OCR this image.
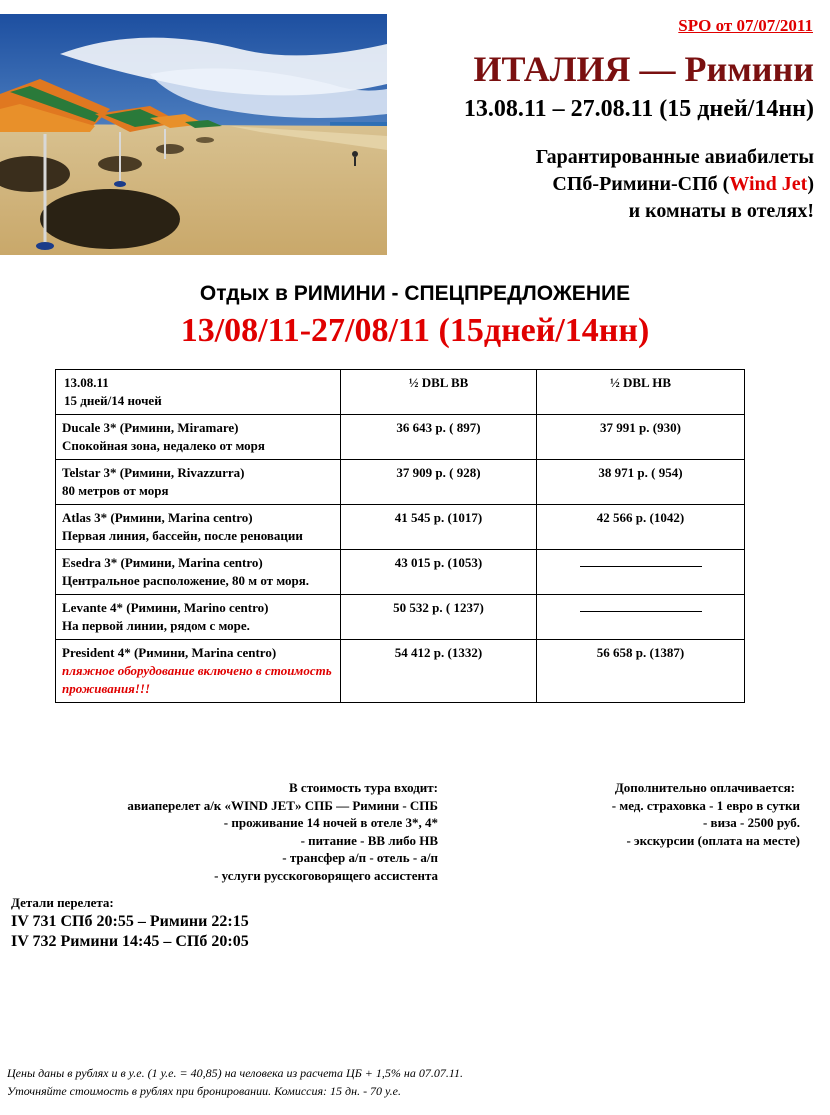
SPO от 07/07/2011
ИТАЛИЯ — Римини
13.08.11 – 27.08.11 (15 дней/14нн)
Гарантированные авиабилеты
СПб-Римини-СПб (Wind Jet)
и комнаты в отелях!
Отдых в РИМИНИ - СПЕЦПРЕДЛОЖЕНИЕ
13/08/11-27/08/11 (15дней/14нн)
13.08.11
15 дней/14 ночей	½ DBL BB	½ DBL HB

Ducale 3* (Римини, Miramare)
Спокойная зона, недалеко от моря	36 643 р. ( 897)	37 991 р. (930)

Telstar 3* (Римини, Rivazzurra)
80 метров от моря	37 909 р. ( 928)	38 971 р. ( 954)

Atlas 3* (Римини, Marina centro)
Первая линия, бассейн, после реновации	41 545 р. (1017)	42 566 р. (1042)

Esedra 3* (Римини, Marina centro)
Центральное расположение, 80 м от моря.	43 015 р. (1053)	

Levante 4* (Римини, Marino centro)
На первой линии, рядом с море.	50 532 р. ( 1237)	

President 4* (Римини, Marina centro)
пляжное оборудование включено в стоимость проживания!!!	54 412 р. (1332)	56 658 р. (1387)
В стоимость тура входит:
авиаперелет а/к «WIND JET» СПБ — Римини - СПБ
- проживание 14 ночей в отеле 3*, 4*
- питание - ВВ либо НВ
- трансфер а/п - отель - а/п
- услуги русскоговорящего ассистента
Дополнительно оплачивается:
- мед. страховка - 1 евро в сутки
- виза - 2500 руб.
- экскурсии (оплата на месте)
Детали перелета:
IV 731 СПб 20:55 – Римини 22:15
IV 732 Римини 14:45 – СПб 20:05
Цены даны в рублях и в у.е. (1 у.е. = 40,85) на человека из расчета ЦБ + 1,5% на 07.07.11.
Уточняйте стоимость в рублях при бронировании. Комиссия: 15 дн. - 70 у.е.
